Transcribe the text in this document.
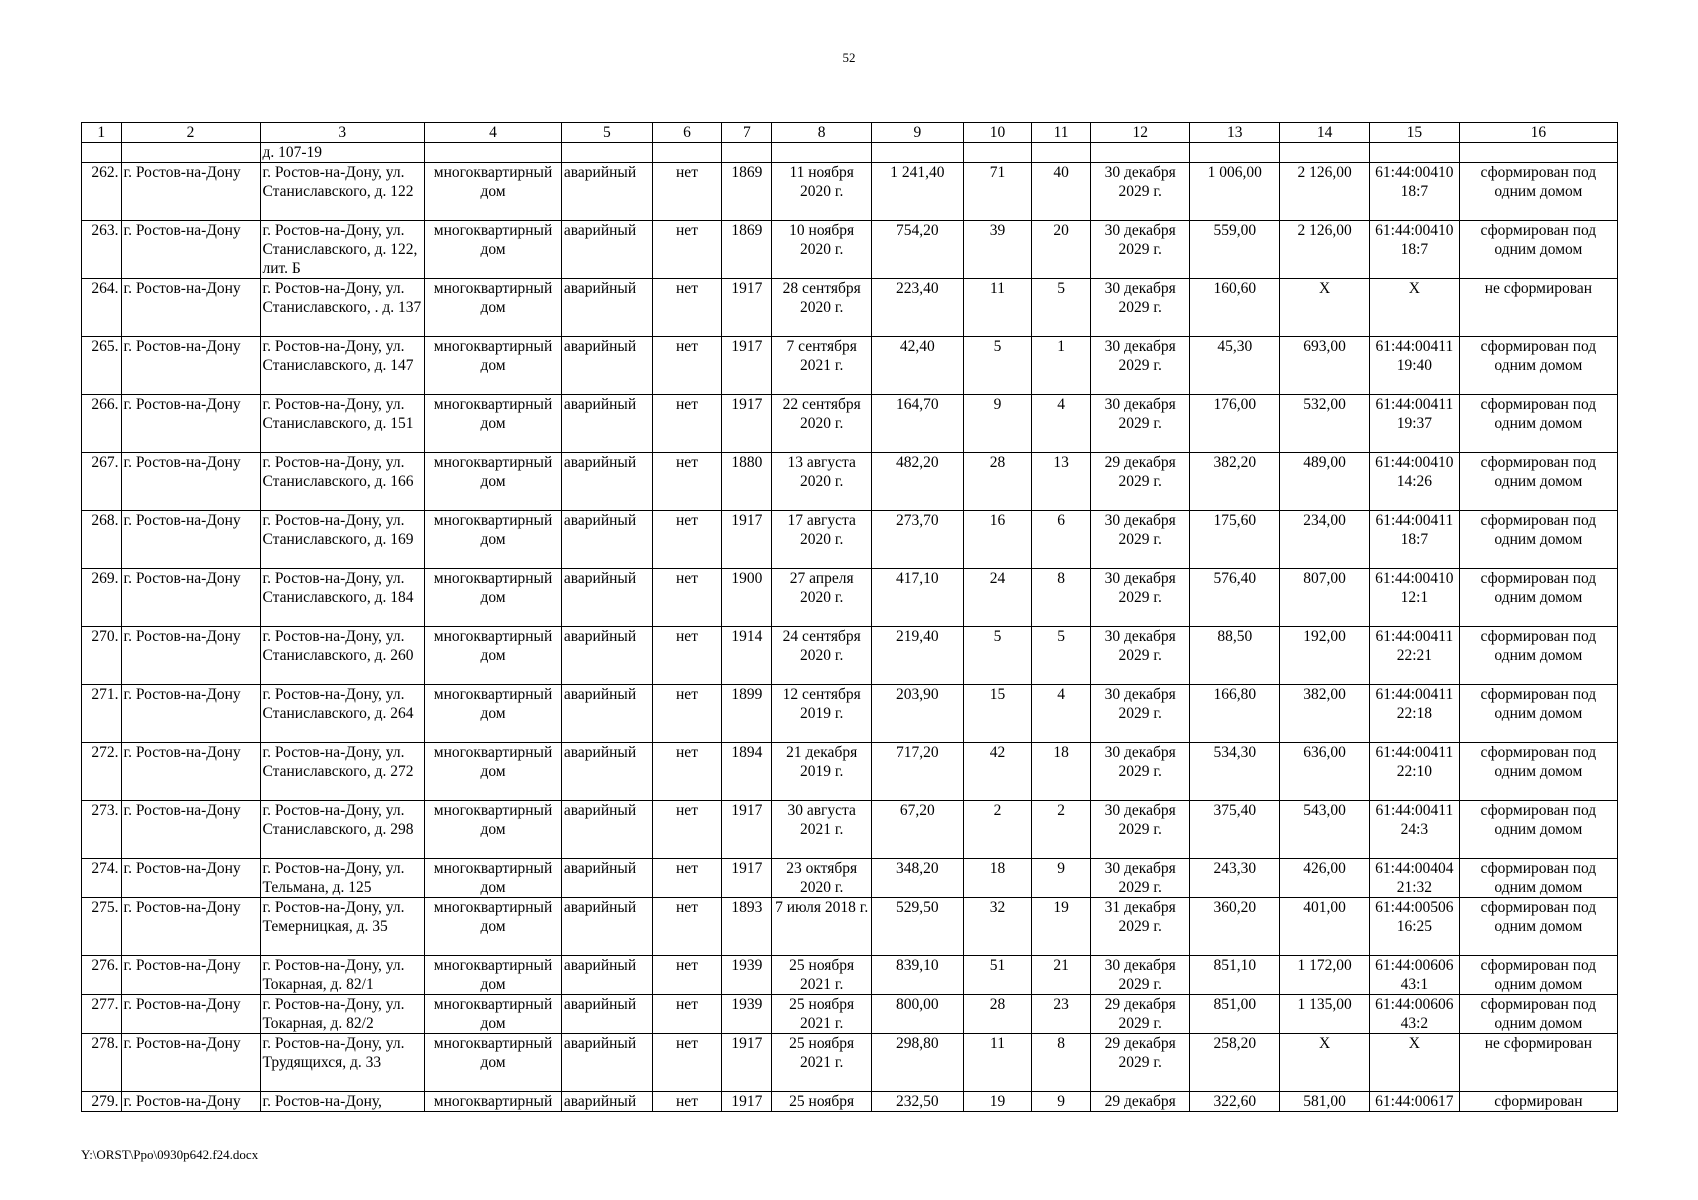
52
1	2	3	4	5	6	7	8	9	10	11	12	13	14	15	16
		д. 107-19													
262.	г. Ростов-на-Дону	г. Ростов-на-Дону, ул. Станиславского, д. 122	многоквартирный дом	аварийный	нет	1869	11 ноября 2020 г.	1 241,40	71	40	30 декабря 2029 г.	1 006,00	2 126,00	61:44:00410 18:7	сформирован под одним домом
263.	г. Ростов-на-Дону	г. Ростов-на-Дону, ул. Станиславского, д. 122, лит. Б	многоквартирный дом	аварийный	нет	1869	10 ноября 2020 г.	754,20	39	20	30 декабря 2029 г.	559,00	2 126,00	61:44:00410 18:7	сформирован под одним домом
264.	г. Ростов-на-Дону	г. Ростов-на-Дону, ул. Станиславского, . д. 137	многоквартирный дом	аварийный	нет	1917	28 сентября 2020 г.	223,40	11	5	30 декабря 2029 г.	160,60	Х	Х	не сформирован
265.	г. Ростов-на-Дону	г. Ростов-на-Дону, ул. Станиславского, д. 147	многоквартирный дом	аварийный	нет	1917	7 сентября 2021 г.	42,40	5	1	30 декабря 2029 г.	45,30	693,00	61:44:00411 19:40	сформирован под одним домом
266.	г. Ростов-на-Дону	г. Ростов-на-Дону, ул. Станиславского, д. 151	многоквартирный дом	аварийный	нет	1917	22 сентября 2020 г.	164,70	9	4	30 декабря 2029 г.	176,00	532,00	61:44:00411 19:37	сформирован под одним домом
267.	г. Ростов-на-Дону	г. Ростов-на-Дону, ул. Станиславского, д. 166	многоквартирный дом	аварийный	нет	1880	13 августа 2020 г.	482,20	28	13	29 декабря 2029 г.	382,20	489,00	61:44:00410 14:26	сформирован под одним домом
268.	г. Ростов-на-Дону	г. Ростов-на-Дону, ул. Станиславского, д. 169	многоквартирный дом	аварийный	нет	1917	17 августа 2020 г.	273,70	16	6	30 декабря 2029 г.	175,60	234,00	61:44:00411 18:7	сформирован под одним домом
269.	г. Ростов-на-Дону	г. Ростов-на-Дону, ул. Станиславского, д. 184	многоквартирный дом	аварийный	нет	1900	27 апреля 2020 г.	417,10	24	8	30 декабря 2029 г.	576,40	807,00	61:44:00410 12:1	сформирован под одним домом
270.	г. Ростов-на-Дону	г. Ростов-на-Дону, ул. Станиславского, д. 260	многоквартирный дом	аварийный	нет	1914	24 сентября 2020 г.	219,40	5	5	30 декабря 2029 г.	88,50	192,00	61:44:00411 22:21	сформирован под одним домом
271.	г. Ростов-на-Дону	г. Ростов-на-Дону, ул. Станиславского, д. 264	многоквартирный дом	аварийный	нет	1899	12 сентября 2019 г.	203,90	15	4	30 декабря 2029 г.	166,80	382,00	61:44:00411 22:18	сформирован под одним домом
272.	г. Ростов-на-Дону	г. Ростов-на-Дону, ул. Станиславского, д. 272	многоквартирный дом	аварийный	нет	1894	21 декабря 2019 г.	717,20	42	18	30 декабря 2029 г.	534,30	636,00	61:44:00411 22:10	сформирован под одним домом
273.	г. Ростов-на-Дону	г. Ростов-на-Дону, ул. Станиславского, д. 298	многоквартирный дом	аварийный	нет	1917	30 августа 2021 г.	67,20	2	2	30 декабря 2029 г.	375,40	543,00	61:44:00411 24:3	сформирован под одним домом
274.	г. Ростов-на-Дону	г. Ростов-на-Дону, ул. Тельмана, д. 125	многоквартирный дом	аварийный	нет	1917	23 октября 2020 г.	348,20	18	9	30 декабря 2029 г.	243,30	426,00	61:44:00404 21:32	сформирован под одним домом
275.	г. Ростов-на-Дону	г. Ростов-на-Дону, ул. Темерницкая, д. 35	многоквартирный дом	аварийный	нет	1893	7 июля 2018 г.	529,50	32	19	31 декабря 2029 г.	360,20	401,00	61:44:00506 16:25	сформирован под одним домом
276.	г. Ростов-на-Дону	г. Ростов-на-Дону, ул. Токарная, д. 82/1	многоквартирный дом	аварийный	нет	1939	25 ноября 2021 г.	839,10	51	21	30 декабря 2029 г.	851,10	1 172,00	61:44:00606 43:1	сформирован под одним домом
277.	г. Ростов-на-Дону	г. Ростов-на-Дону, ул. Токарная, д. 82/2	многоквартирный дом	аварийный	нет	1939	25 ноября 2021 г.	800,00	28	23	29 декабря 2029 г.	851,00	1 135,00	61:44:00606 43:2	сформирован под одним домом
278.	г. Ростов-на-Дону	г. Ростов-на-Дону, ул. Трудящихся, д. 33	многоквартирный дом	аварийный	нет	1917	25 ноября 2021 г.	298,80	11	8	29 декабря 2029 г.	258,20	Х	Х	не сформирован
279.	г. Ростов-на-Дону	г. Ростов-на-Дону,	многоквартирный	аварийный	нет	1917	25 ноября	232,50	19	9	29 декабря	322,60	581,00	61:44:00617	сформирован
Y:\ORST\Ppo\0930p642.f24.docx
